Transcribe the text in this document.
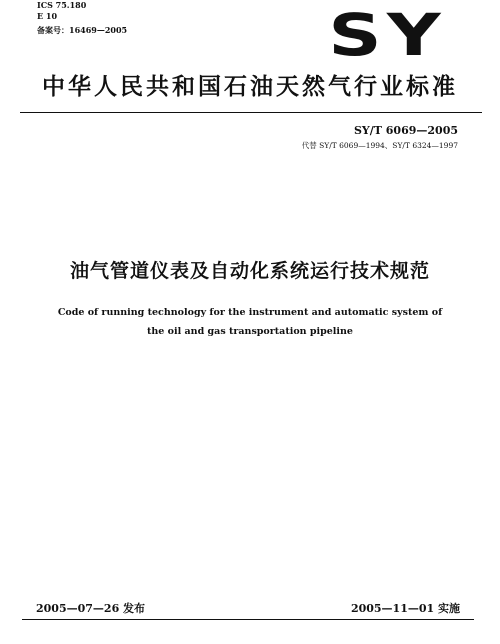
ICS 75.180
E 10
备案号：16469—2005	SY
中华人民共和国石油天然气行业标准
SY/T 6069—2005
代替 SY/T 6069—1994、SY/T 6324—1997
油气管道仪表及自动化系统运行技术规范
Code of running technology for the instrument and automatic system of
the oil and gas transportation pipeline
2005—07—26 发布	2005—11—01 实施
